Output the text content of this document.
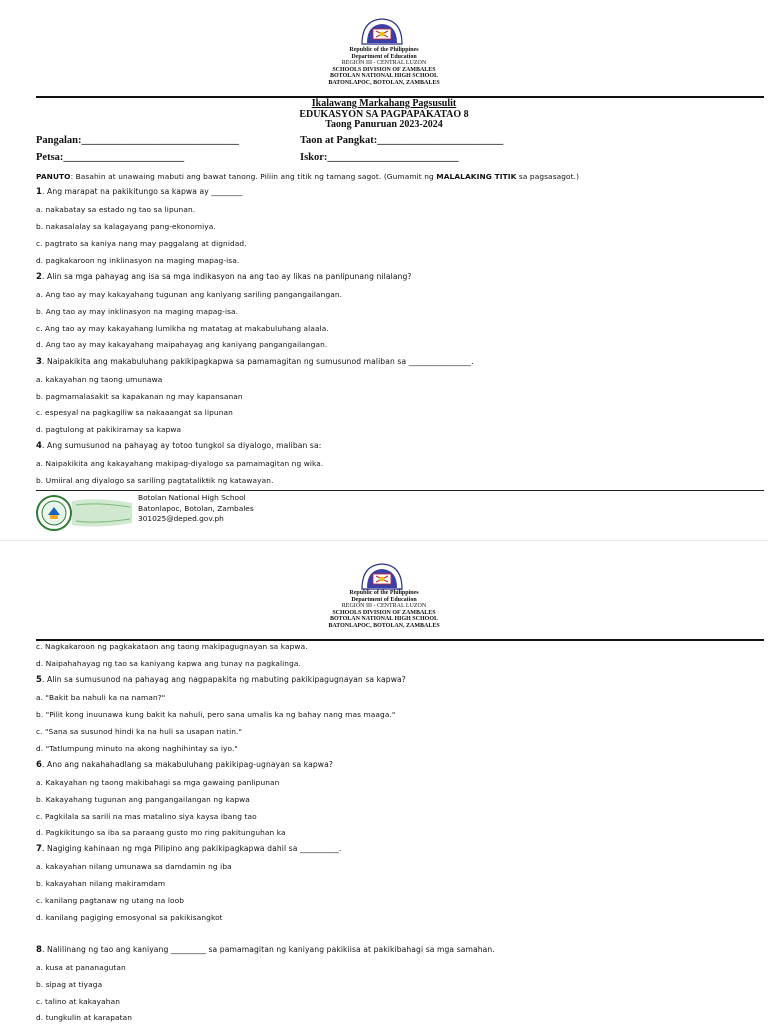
Republic of the Philippines
Department of Education
REGION III - CENTRAL LUZON
SCHOOLS DIVISION OF ZAMBALES
BOTOLAN NATIONAL HIGH SCHOOL
BATONLAPOC, BOTOLAN, ZAMBALES
Ikalawang Markahang Pagsusulit
EDUKASYON SA PAGPAPAKATAO 8
Taong Panuruan 2023-2024
Pangalan:______________________________	Taon at Pangkat:________________________
Petsa:_______________________	Iskor:_________________________
PANUTO: Basahin at unawaing mabuti ang bawat tanong. Piliin ang titik ng tamang sagot. (Gumamit ng MALALAKING TITIK sa pagsasagot.)
1. Ang marapat na pakikitungo sa kapwa ay ________
a. nakabatay sa estado ng tao sa lipunan.
b. nakasalalay sa kalagayang pang-ekonomiya.
c. pagtrato sa kaniya nang may paggalang at dignidad.
d. pagkakaroon ng inklinasyon na maging mapag-isa.
2. Alin sa mga pahayag ang isa sa mga indikasyon na ang tao ay likas na panlipunang nilalang?
a. Ang tao ay may kakayahang tugunan ang kaniyang sariling pangangailangan.
b. Ang tao ay may inklinasyon na maging mapag-isa.
c. Ang tao ay may kakayahang lumikha ng matatag at makabuluhang alaala.
d. Ang tao ay may kakayahang maipahayag ang kaniyang pangangailangan.
3. Naipakikita ang makabuluhang pakikipagkapwa sa pamamagitan ng sumusunod maliban sa ________________.
a. kakayahan ng taong umunawa
b. pagmamalasakit sa kapakanan ng may kapansanan
c. espesyal na pagkagiliw sa nakaaangat sa lipunan
d. pagtulong at pakikiramay sa kapwa
4. Ang sumusunod na pahayag ay totoo tungkol sa diyalogo, maliban sa:
a. Naipakikita ang kakayahang makipag-diyalogo sa pamamagitan ng wika.
b. Umiiral ang diyalogo sa sariling pagtatalikŧik ng katawayan.
Botolan National High School
Batonlapoc, Botolan, Zambales
301025@deped.gov.ph
Republic of the Philippines
Department of Education
REGION III - CENTRAL LUZON
SCHOOLS DIVISION OF ZAMBALES
BOTOLAN NATIONAL HIGH SCHOOL
BATONLAPOC, BOTOLAN, ZAMBALES
c. Nagkakaroon ng pagkakataon ang taong makipagugnayan sa kapwa.
d. Naipahahayag ng tao sa kaniyang kapwa ang tunay na pagkalinga.
5. Alin sa sumusunod na pahayag ang nagpapakita ng mabuting pakikipagugnayan sa kapwa?
a. "Bakit ba nahuli ka na naman?"
b. "Pilit kong inuunawa kung bakit ka nahuli, pero sana umalis ka ng bahay nang mas maaga."
c. "Sana sa susunod hindi ka na huli sa usapan natin."
d. "Tatlumpung minuto na akong naghihintay sa iyo."
6. Ano ang nakahahadlang sa makabuluhang pakikipag-ugnayan sa kapwa?
a. Kakayahan ng taong makibahagi sa mga gawaing panlipunan
b. Kakayahang tugunan ang pangangailangan ng kapwa
c. Pagkilala sa sarili na mas matalino siya kaysa ibang tao
d. Pagkikitungo sa iba sa paraang gusto mo ring pakitunguhan ka
7. Nagiging kahinaan ng mga Pilipino ang pakikipagkapwa dahil sa __________.
a. kakayahan nilang umunawa sa damdamin ng iba
b. kakayahan nilang makiramdam
c. kanilang pagtanaw ng utang na loob
d. kanilang pagiging emosyonal sa pakikisangkot
8. Nalilinang ng tao ang kaniyang _________ sa pamamagitan ng kaniyang pakikiisa at pakikibahagi sa mga samahan.
a. kusa at pananagutan
b. sipag at tiyaga
c. talino at kakayahan
d. tungkulin at karapatan
